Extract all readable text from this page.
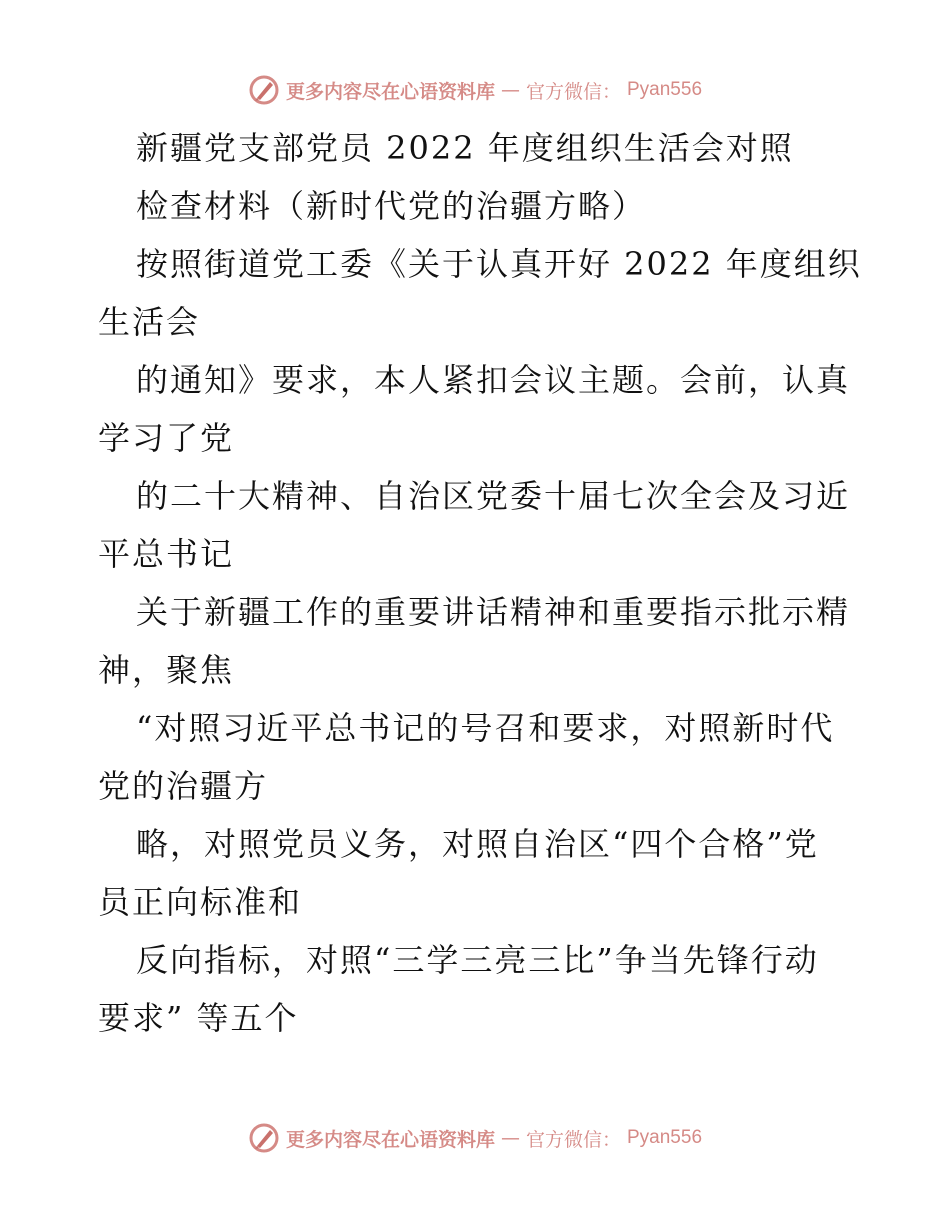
更多内容尽在心语资料库 — 官方微信： Pyan556
新疆党支部党员 2022 年度组织生活会对照
检查材料（新时代党的治疆方略）
按照街道党工委《关于认真开好 2022 年度组织
生活会
的通知》要求，本人紧扣会议主题。会前，认真
学习了党
的二十大精神、自治区党委十届七次全会及习近
平总书记
关于新疆工作的重要讲话精神和重要指示批示精
神，聚焦
“对照习近平总书记的号召和要求，对照新时代
党的治疆方
略，对照党员义务，对照自治区“四个合格”党
员正向标准和
反向指标，对照“三学三亮三比”争当先锋行动
要求” 等五个
更多内容尽在心语资料库 — 官方微信： Pyan556
